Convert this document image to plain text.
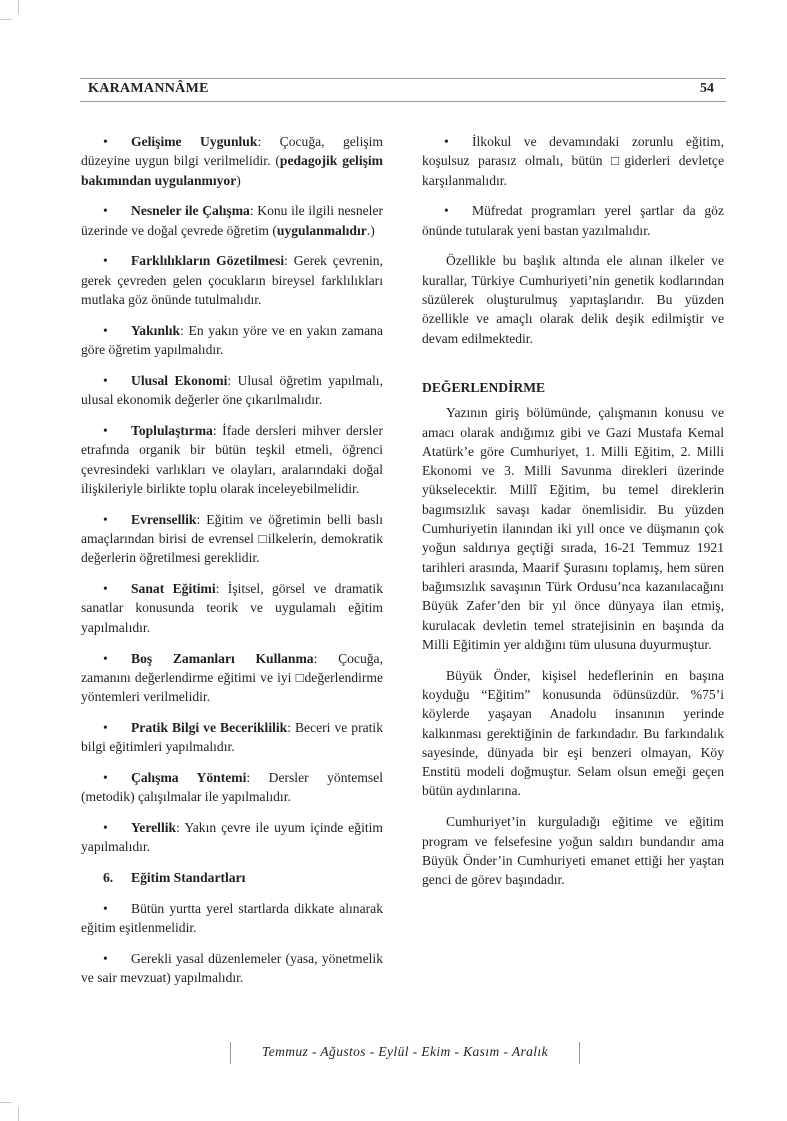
KARAMANNÂME	54

• Gelişime Uygunluk: Çocuğa, gelişim düzeyine uygun bilgi verilmelidir. (pedagojik gelişim bakımından uygulanmıyor)

• Nesneler ile Çalışma: Konu ile ilgili nesneler üzerinde ve doğal çevrede öğretim (uygulanmalıdır.)

• Farklılıkların Gözetilmesi: Gerek çevrenin, gerek çevreden gelen çocukların bireysel farklılıkları mutlaka göz önünde tutulmalıdır.

• Yakınlık: En yakın yöre ve en yakın zamana göre öğretim yapılmalıdır.

• Ulusal Ekonomi: Ulusal öğretim yapılmalı, ulusal ekonomik değerler öne çıkarılmalıdır.

• Toplulaştırma: İfade dersleri mihver dersler etrafında organik bir bütün teşkil etmeli, öğrenci çevresindeki varlıkları ve olayları, aralarındaki doğal ilişkileriyle birlikte toplu olarak inceleyebilmelidir.

• Evrensellik: Eğitim ve öğretimin belli baslı amaçlarından birisi de evrensel □ilkelerin, demokratik değerlerin öğretilmesi gereklidir.

• Sanat Eğitimi: İşitsel, görsel ve dramatik sanatlar konusunda teorik ve uygulamalı eğitim yapılmalıdır.

• Boş Zamanları Kullanma: Çocuğa, zamanını değerlendirme eğitimi ve iyi □değerlendirme yöntemleri verilmelidir.

• Pratik Bilgi ve Beceriklilik: Beceri ve pratik bilgi eğitimleri yapılmalıdır.

• Çalışma Yöntemi: Dersler yöntemsel (metodik) çalışılmalar ile yapılmalıdır.

• Yerellik: Yakın çevre ile uyum içinde eğitim yapılmalıdır.

6. Eğitim Standartları

• Bütün yurtta yerel startlarda dikkate alınarak eğitim eşitlenmelidir.

• Gerekli yasal düzenlemeler (yasa, yönetmelik ve sair mevzuat) yapılmalıdır.

• İlkokul ve devamındaki zorunlu eğitim, koşulsuz parasız olmalı, bütün □giderleri devletçe karşılanmalıdır.

• Müfredat programları yerel şartlar da göz önünde tutularak yeni bastan yazılmalıdır.

Özellikle bu başlık altında ele alınan ilkeler ve kurallar, Türkiye Cumhuriyeti’nin genetik kodlarından süzülerek oluşturulmuş yapıtaşlarıdır. Bu yüzden özellikle ve amaçlı olarak delik deşik edilmiştir ve devam edilmektedir.

DEĞERLENDİRME

Yazının giriş bölümünde, çalışmanın konusu ve amacı olarak andığımız gibi ve Gazi Mustafa Kemal Atatürk’e göre Cumhuriyet, 1. Milli Eğitim, 2. Milli Ekonomi ve 3. Milli Savunma direkleri üzerinde yükselecektir. Millî Eğitim, bu temel direklerin bagımsızlık savaşı kadar önemlisidir. Bu yüzden Cumhuriyetin ilanından iki yıll once ve düşmanın çok yoğun saldırıya geçtiği sırada, 16-21 Temmuz 1921 tarihleri arasında, Maarif Şurasını toplamış, hem süren bağımsızlık savaşının Türk Ordusu’nca kazanılacağını Büyük Zafer’den bir yıl önce dünyaya ilan etmiş, kurulacak devletin temel stratejisinin en başında da Milli Eğitimin yer aldığını tüm ulusuna duyurmuştur.

Büyük Önder, kişisel hedeflerinin en başına koyduğu “Eğitim” konusunda ödünsüzdür. %75’i köylerde yaşayan Anadolu insanının yerinde kalkınması gerektiğinin de farkındadır. Bu farkındalık sayesinde, dünyada bir eşi benzeri olmayan, Köy Enstitü modeli doğmuştur. Selam olsun emeği geçen bütün aydınlarına.

Cumhuriyet’in kurguladığı eğitime ve eğitim program ve felsefesine yoğun saldırı bundandır ama Büyük Önder’in Cumhuriyeti emanet ettiği her yaştan genci de görev başındadır.

Temmuz - Ağustos - Eylül - Ekim - Kasım - Aralık
